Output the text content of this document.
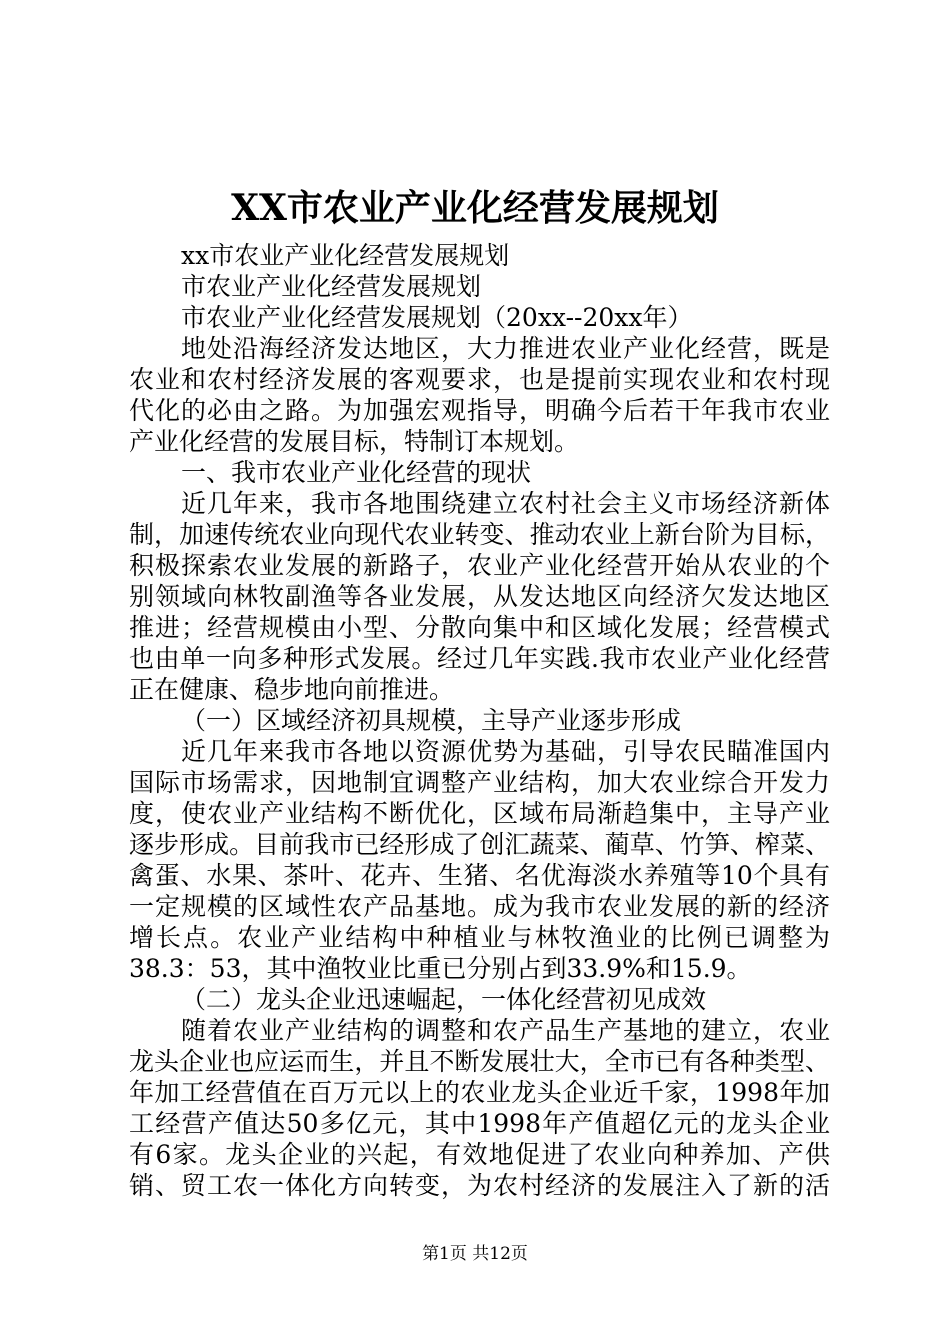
XX市农业产业化经营发展规划
xx市农业产业化经营发展规划
市农业产业化经营发展规划
市农业产业化经营发展规划（20xx--20xx年）
地处沿海经济发达地区，大力推进农业产业化经营，既是
农业和农村经济发展的客观要求，也是提前实现农业和农村现
代化的必由之路。为加强宏观指导，明确今后若干年我市农业
产业化经营的发展目标，特制订本规划。
一、我市农业产业化经营的现状
近几年来，我市各地围绕建立农村社会主义市场经济新体
制，加速传统农业向现代农业转变、推动农业上新台阶为目标，
积极探索农业发展的新路子，农业产业化经营开始从农业的个
别领域向林牧副渔等各业发展，从发达地区向经济欠发达地区
推进；经营规模由小型、分散向集中和区域化发展；经营模式
也由单一向多种形式发展。经过几年实践.我市农业产业化经营
正在健康、稳步地向前推进。
（一）区域经济初具规模，主导产业逐步形成
近几年来我市各地以资源优势为基础，引导农民瞄准国内
国际市场需求，因地制宜调整产业结构，加大农业综合开发力
度，使农业产业结构不断优化，区域布局渐趋集中，主导产业
逐步形成。目前我市已经形成了创汇蔬菜、蔺草、竹笋、榨菜、
禽蛋、水果、茶叶、花卉、生猪、名优海淡水养殖等10个具有
一定规模的区域性农产品基地。成为我市农业发展的新的经济
增长点。农业产业结构中种植业与林牧渔业的比例已调整为
38.3：53，其中渔牧业比重已分别占到33.9%和15.9。
（二）龙头企业迅速崛起，一体化经营初见成效
随着农业产业结构的调整和农产品生产基地的建立，农业
龙头企业也应运而生，并且不断发展壮大，全市已有各种类型、
年加工经营值在百万元以上的农业龙头企业近千家，1998年加
工经营产值达50多亿元，其中1998年产值超亿元的龙头企业
有6家。龙头企业的兴起，有效地促进了农业向种养加、产供
销、贸工农一体化方向转变，为农村经济的发展注入了新的活
第1页 共12页
